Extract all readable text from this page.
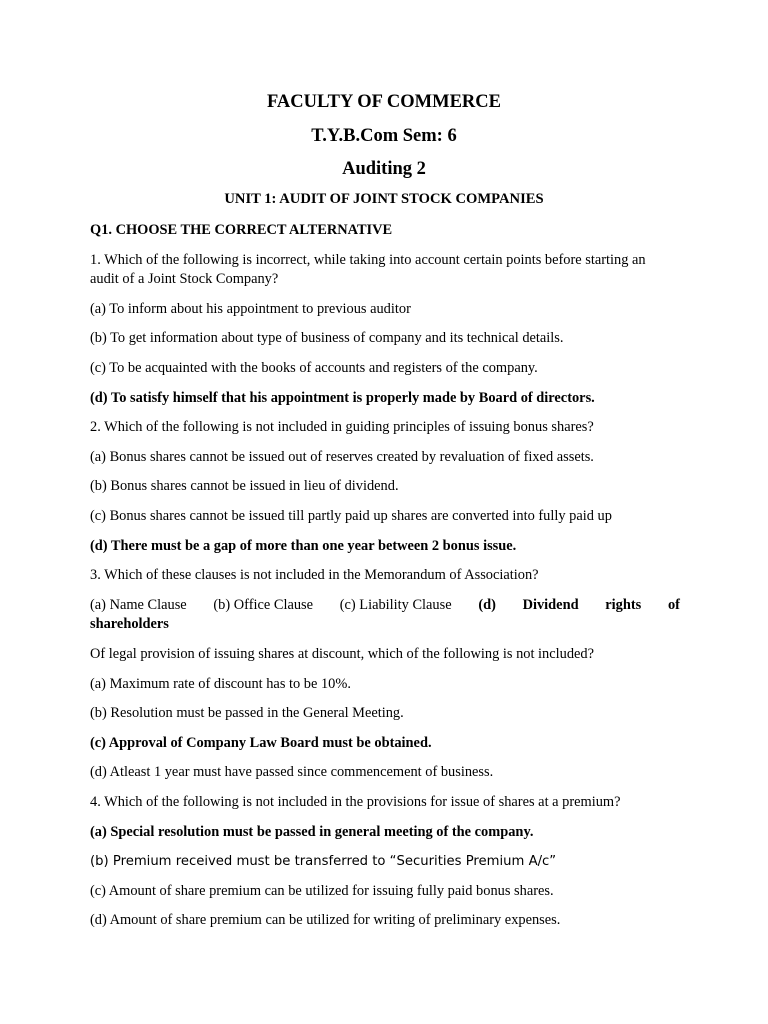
FACULTY OF COMMERCE
T.Y.B.Com Sem: 6
Auditing 2
UNIT 1: AUDIT OF JOINT STOCK COMPANIES
Q1. CHOOSE THE CORRECT ALTERNATIVE
1. Which of the following is incorrect, while taking into account certain points before starting an
audit of a Joint Stock Company?
(a) To inform about his appointment to previous auditor
(b) To get information about type of business of company and its technical details.
(c) To be acquainted with the books of accounts and registers of the company.
(d) To satisfy himself that his appointment is properly made by Board of directors.
2. Which of the following is not included in guiding principles of issuing bonus shares?
(a) Bonus shares cannot be issued out of reserves created by revaluation of fixed assets.
(b) Bonus shares cannot be issued in lieu of dividend.
(c) Bonus shares cannot be issued till partly paid up shares are converted into fully paid up
(d) There must be a gap of more than one year between 2 bonus issue.
3. Which of these clauses is not included in the Memorandum of Association?
(a) Name Clause (b) Office Clause (c) Liability Clause (d) Dividend rights of
shareholders
Of legal provision of issuing shares at discount, which of the following is not included?
(a) Maximum rate of discount has to be 10%.
(b) Resolution must be passed in the General Meeting.
(c) Approval of Company Law Board must be obtained.
(d) Atleast 1 year must have passed since commencement of business.
4. Which of the following is not included in the provisions for issue of shares at a premium?
(a) Special resolution must be passed in general meeting of the company.
(b) Premium received must be transferred to “Securities Premium A/c”
(c) Amount of share premium can be utilized for issuing fully paid bonus shares.
(d) Amount of share premium can be utilized for writing of preliminary expenses.
